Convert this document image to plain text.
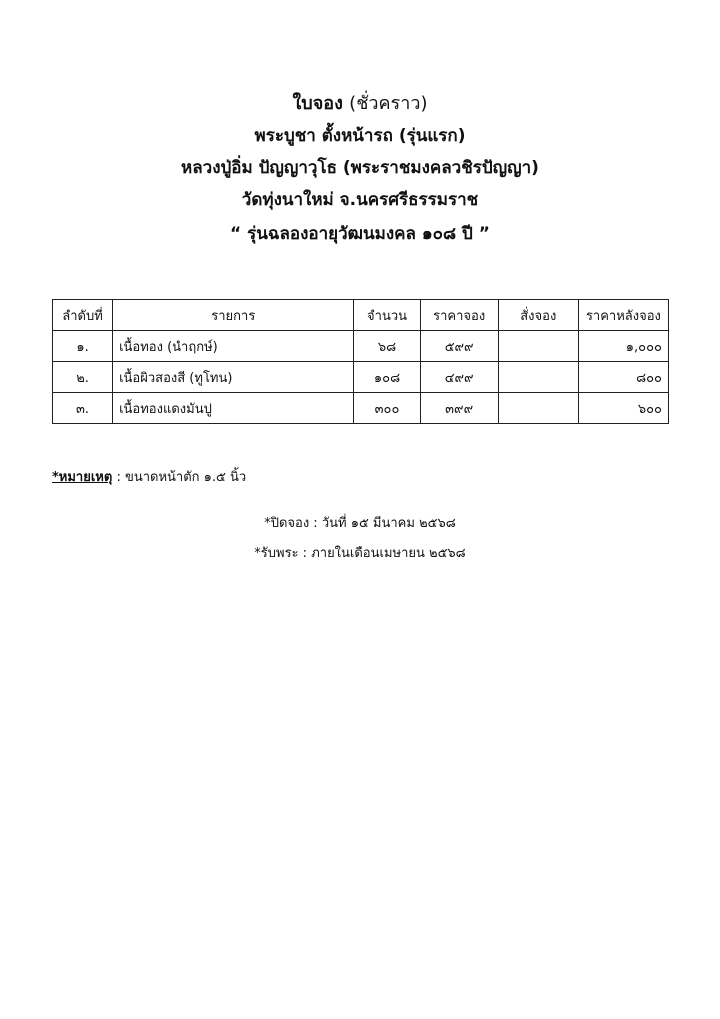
ใบจอง (ชั่วคราว)
พระบูชา ตั้งหน้ารถ (รุ่นแรก)
หลวงปู่อิ่ม ปัญญาวุโธ (พระราชมงคลวชิรปัญญา)
วัดทุ่งนาใหม่ จ.นครศรีธรรมราช
“ รุ่นฉลองอายุวัฒนมงคล ๑๐๘ ปี ”
ลำดับที่	รายการ	จำนวน	ราคาจอง	สั่งจอง	ราคาหลังจอง
๑.	เนื้อทอง (นำฤกษ์)	๖๘	๕๙๙		๑,๐๐๐
๒.	เนื้อผิวสองสี (ทูโทน)	๑๐๘	๔๙๙		๘๐๐
๓.	เนื้อทองแดงมันปู	๓๐๐	๓๙๙		๖๐๐
*หมายเหตุ : ขนาดหน้าตัก ๑.๕ นิ้ว
*ปิดจอง : วันที่ ๑๕ มีนาคม ๒๕๖๘
*รับพระ : ภายในเดือนเมษายน ๒๕๖๘
